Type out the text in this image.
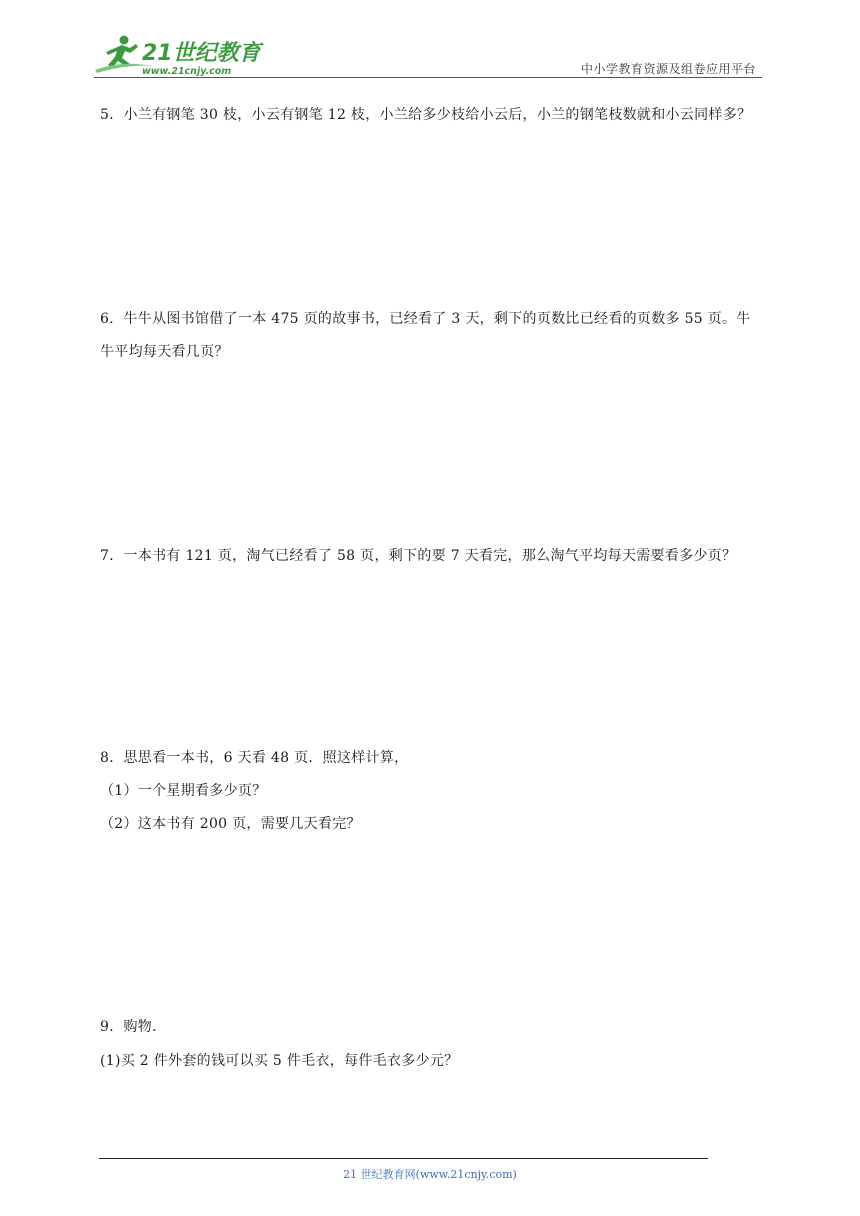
21世纪教育
www.21cnjy.com	中小学教育资源及组卷应用平台
5．小兰有钢笔 30 枝，小云有钢笔 12 枝，小兰给多少枝给小云后，小兰的钢笔枝数就和小云同样多？
6．牛牛从图书馆借了一本 475 页的故事书，已经看了 3 天，剩下的页数比已经看的页数多 55 页。牛
牛平均每天看几页？
7．一本书有 121 页，淘气已经看了 58 页，剩下的要 7 天看完，那么淘气平均每天需要看多少页？
8．思思看一本书，6 天看 48 页．照这样计算，
（1）一个星期看多少页？
（2）这本书有 200 页，需要几天看完？
9．购物．
(1)买 2 件外套的钱可以买 5 件毛衣，每件毛衣多少元？
21 世纪教育网(www.21cnjy.com)
